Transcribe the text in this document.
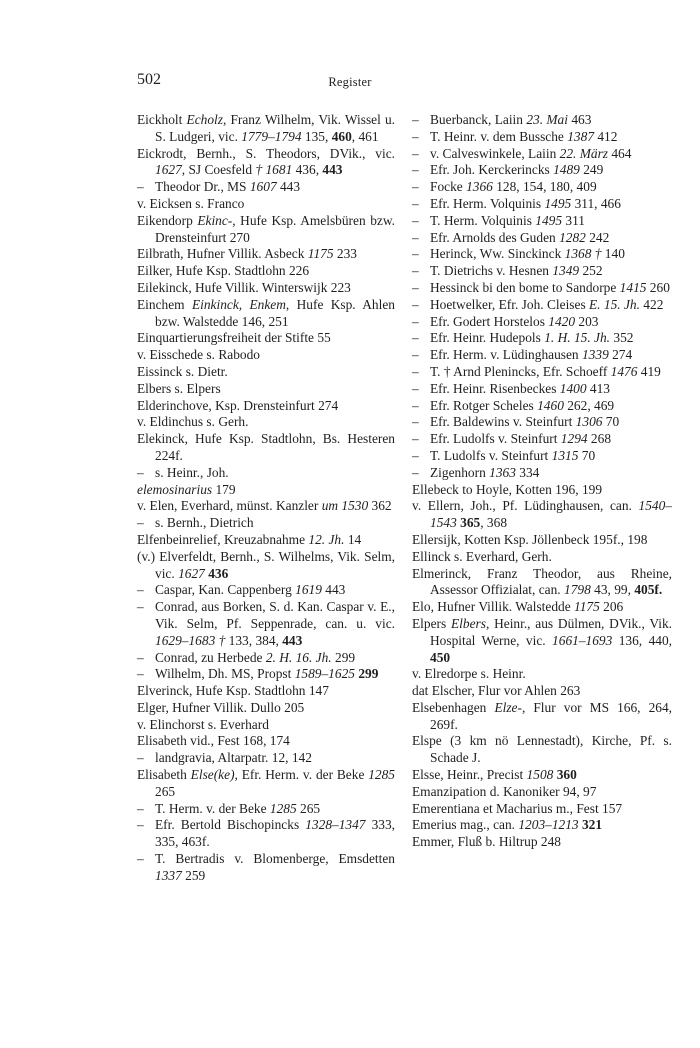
502	Register
Eickholt Echolz, Franz Wilhelm, Vik. Wissel u. S. Ludgeri, vic. 1779–1794 135, 460, 461
Eickrodt, Bernh., S. Theodors, DVik., vic. 1627, SJ Coesfeld † 1681 436, 443
– Theodor Dr., MS 1607 443
v. Eicksen s. Franco
Eikendorp Ekinc-, Hufe Ksp. Amelsbüren bzw. Drensteinfurt 270
Eilbrath, Hufner Villik. Asbeck 1175 233
Eilker, Hufe Ksp. Stadtlohn 226
Eilekinck, Hufe Villik. Winterswijk 223
Einchem Einkinck, Enkem, Hufe Ksp. Ahlen bzw. Walstedde 146, 251
Einquartierungsfreiheit der Stifte 55
v. Eisschede s. Rabodo
Eissinck s. Dietr.
Elbers s. Elpers
Elderinchove, Ksp. Drensteinfurt 274
v. Eldinchus s. Gerh.
Elekinck, Hufe Ksp. Stadtlohn, Bs. Hesteren 224f.
– s. Heinr., Joh.
elemosinarius 179
v. Elen, Everhard, münst. Kanzler um 1530 362
– s. Bernh., Dietrich
Elfenbeinrelief, Kreuzabnahme 12. Jh. 14
(v.) Elverfeldt, Bernh., S. Wilhelms, Vik. Selm, vic. 1627 436
– Caspar, Kan. Cappenberg 1619 443
– Conrad, aus Borken, S. d. Kan. Caspar v. E., Vik. Selm, Pf. Seppenrade, can. u. vic. 1629–1683 † 133, 384, 443
– Conrad, zu Herbede 2. H. 16. Jh. 299
– Wilhelm, Dh. MS, Propst 1589–1625 299
Elverinck, Hufe Ksp. Stadtlohn 147
Elger, Hufner Villik. Dullo 205
v. Elinchorst s. Everhard
Elisabeth vid., Fest 168, 174
– landgravia, Altarpatr. 12, 142
Elisabeth Else(ke), Efr. Herm. v. der Beke 1285 265
– T. Herm. v. der Beke 1285 265
– Efr. Bertold Bischopincks 1328–1347 333, 335, 463f.
– T. Bertradis v. Blomenberge, Emsdetten 1337 259
– Buerbanck, Laiin 23. Mai 463
– T. Heinr. v. dem Bussche 1387 412
– v. Calveswinkele, Laiin 22. März 464
– Efr. Joh. Kerckerincks 1489 249
– Focke 1366 128, 154, 180, 409
– Efr. Herm. Volquinis 1495 311, 466
– T. Herm. Volquinis 1495 311
– Efr. Arnolds des Guden 1282 242
– Herinck, Ww. Sinckinck 1368 † 140
– T. Dietrichs v. Hesnen 1349 252
– Hessinck bi den bome to Sandorpe 1415 260
– Hoetwelker, Efr. Joh. Cleises E. 15. Jh. 422
– Efr. Godert Horstelos 1420 203
– Efr. Heinr. Hudepols 1. H. 15. Jh. 352
– Efr. Herm. v. Lüdinghausen 1339 274
– T. † Arnd Plenincks, Efr. Schoeff 1476 419
– Efr. Heinr. Risenbeckes 1400 413
– Efr. Rotger Scheles 1460 262, 469
– Efr. Baldewins v. Steinfurt 1306 70
– Efr. Ludolfs v. Steinfurt 1294 268
– T. Ludolfs v. Steinfurt 1315 70
– Zigenhorn 1363 334
Ellebeck to Hoyle, Kotten 196, 199
v. Ellern, Joh., Pf. Lüdinghausen, can. 1540–1543 365, 368
Ellersijk, Kotten Ksp. Jöllenbeck 195f., 198
Ellinck s. Everhard, Gerh.
Elmerinck, Franz Theodor, aus Rheine, Assessor Offizialat, can. 1798 43, 99, 405f.
Elo, Hufner Villik. Walstedde 1175 206
Elpers Elbers, Heinr., aus Dülmen, DVik., Vik. Hospital Werne, vic. 1661–1693 136, 440, 450
v. Elredorpe s. Heinr.
dat Elscher, Flur vor Ahlen 263
Elsebenhagen Elze-, Flur vor MS 166, 264, 269f.
Elspe (3 km nö Lennestadt), Kirche, Pf. s. Schade J.
Elsse, Heinr., Precist 1508 360
Emanzipation d. Kanoniker 94, 97
Emerentiana et Macharius m., Fest 157
Emerius mag., can. 1203–1213 321
Emmer, Fluß b. Hiltrup 248
